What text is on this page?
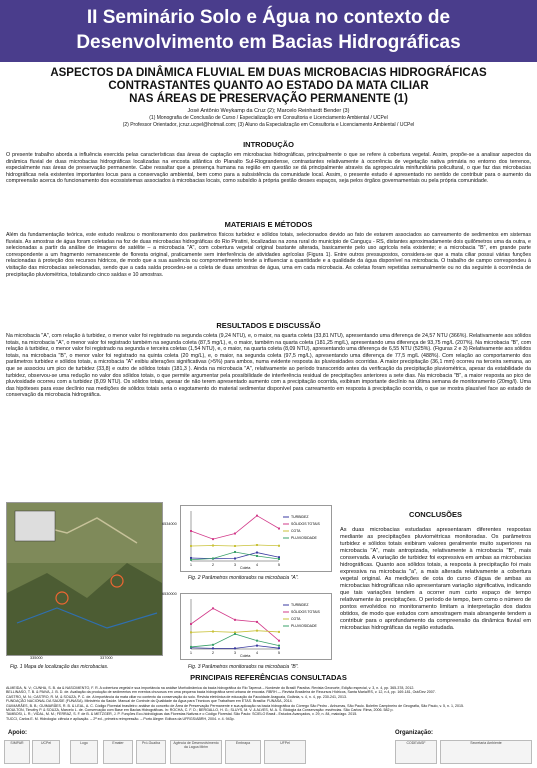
II Seminário Solo e Água no contexto de
Desenvolvimento em Bacias Hidrográficas
ASPECTOS DA DINÂMICA FLUVIAL EM DUAS MICROBACIAS HIDROGRÁFICAS
CONTRASTANTES QUANTO AO ESTADO DA MATA CILIAR
NAS ÁREAS DE PRESERVAÇÃO PERMANENTE (1)
José Antônio Weykamp da Cruz (2); Marcelo Reinhardt Bender (3)
(1) Monografia de Conclusão de Curso / Especialização em Consultoria e Licenciamento Ambiental / UCPel
(2) Professor Orientador, jcruz.ucpel@hotmail.com; (3) Aluno da Especialização em Consultoria e Licenciamento Ambiental / UCPel
INTRODUÇÃO
O presente trabalho aborda a influência exercida pelas características das áreas de captação em microbacias hidrográficas, principalmente o que se refere à cobertura vegetal. Assim, propõe-se a analisar aspectos da dinâmica fluvial de duas microbacias hidrográficas localizadas na encosta atlântica do Planalto Sul-Riograndense, contrastantes relativamente à ocorrência de vegetação nativa primária no entorno dos terrenos, especialmente nas áreas de preservação permanente. Cabe ressaltar que a presença humana na região em questão se dá principalmente através da agropecuária minifundiária policultural, o que faz das microbacias hidrográficas nela existentes importantes locus para a conservação ambiental, bem como para a subsistência da comunidade local. Assim, o presente estudo é apresentado no sentido de contribuir para o aumento da compreensão acerca do funcionamento dos ecossistemas associados à microbacias locais, como subsídio à própria gestão desses espaços, seja pelos órgãos governamentais ou pela própria comunidade.
MATERIAIS E MÉTODOS
Além da fundamentação teórica, este estudo realizou o monitoramento dos parâmetros físicos turbidez e sólidos totais, selecionados devido ao fato de estarem associados ao carreamento de sedimentos em sistemas fluviais. As amostras de água foram coletadas na foz de duas microbacias hidrográficas do Rio Piratini, localizadas na zona rural do município de Canguçu - RS, distantes aproximadamente dois quilômetros uma da outra, e selecionadas a partir da análise de imagens de satélite – a microbacia "A", com cobertura vegetal original bastante alterada, basicamente pelo uso agrícola nela existente; e a microbacia "B", em grande parte correspondente a um fragmento remanescente de floresta original, praticamente sem interferência de atividades agrícolas (Figura 1). Entre outros pressupostos, considera-se que a mata ciliar possui várias funções relacionadas à proteção dos recursos hídricos, de modo que a sua ausência ou comprometimento tende a influenciar a quantidade e a qualidade da água disponível na microbacia. O trabalho de campo correspondeu à visitação das microbacias selecionadas, sendo que a cada saída procedeu-se a coleta de duas amostras de água, uma em cada microbacia. As coletas foram repetidas semanalmente ou no dia seguinte à ocorrência de precipitação pluviométrica, totalizando cinco saídas e 10 amostras.
RESULTADOS E DISCUSSÃO
Na microbacia "A", com relação à turbidez, o menor valor foi registrado na segunda coleta (9,24 NTU), e, o maior, na quarta coleta (33,81 NTU), apresentando uma diferença de 24,57 NTU (366%). Relativamente aos sólidos totais, na microbacia "A", o menor valor foi registrado também na segunda coleta (87,5 mg/L), e, o maior, também na quarta coleta (181,25 mg/L), apresentando uma diferença de 93,75 mg/L (207%). Na microbacia "B", com relação à turbidez, o menor valor foi registrado na segunda e terceira coletas (1,54 NTU), e, o maior, na quarta coleta (8,09 NTU), apresentando uma diferença de 6,55 NTU (525%). (Figuras 2 e 3) Relativamente aos sólidos totais, na microbacia "B", o menor valor foi registrado na quinta coleta (20 mg/L), e, o maior, na segunda coleta (97,5 mg/L), apresentando uma diferença de 77,5 mg/L (488%). Com relação ao comportamento dos parâmetros turbidez e sólidos totais, a microbacia "A" exibiu alterações significativas (>5%) para ambos, numa evidente resposta às pluviosidades ocorridas. A maior precipitação (36,1 mm) ocorreu na terceira semana, ao que se associou um pico de turbidez (33,8) e outro de sólidos totais (181,3 ). Ainda na microbacia "A", relativamente ao período transcorrido antes da verificação da precipitação pluviométrica, apesar da estabilidade da turbidez, observou-se uma redução no valor dos sólidos totais, o que permite argumentar pela possibilidade de interferência residual de precipitações anteriores a sete dias. Na microbacia "B", a maior resposta ao pico de pluviosidade ocorreu com a turbidez (8,09 NTU). Os sólidos totais, apesar de não terem apresentado aumento com a precipitação ocorrida, exibiram importante declínio na última semana de monitoramento (20mg/l). Uma das hipóteses para esse declínio nas medições de sólidos totais seria o esgotamento do material sedimentar disponível para carreamento em resposta à precipitação ocorrida, o que se mostra plausível face ao estado de conservação da microbacia hidrográfica.
6534000
6530000
335000	337000
Fig. 1 Mapa de localização das microbacias.
1	2	3	4	5
TURBIDEZ
SÓLIDOS TOTAIS
COTA
PLUVIOSIDADE
Coleta
Fig. 2 Parâmetros monitorados na microbacia "A".
1	2	3	4	5
TURBIDEZ
SÓLIDOS TOTAIS
COTA
PLUVIOSIDADE
Coleta
Fig. 3 Parâmetros monitorados na microbacia "B".
CONCLUSÕES
As duas microbacias estudadas apresentaram diferentes respostas mediante as precipitações pluviométricas monitoradas. Os parâmetros turbidez e sólidos totais exibiram valores geralmente muito superiores na microbacia "A", mais antropizada, relativamente à microbacia "B", mais conservada. A variação de turbidez foi expressiva em ambas as microbacias hidrográficas. Quanto aos sólidos totais, a resposta à precipitação foi mais expressiva na microbacia "a", a mais alterada relativamente a cobertura vegetal original. As medições de cota do curso d'água de ambas as microbacias hidrográficas não apresentaram variação significativa, indicando que tais variações tendem a ocorrer num curto espaço de tempo relativamente às precipitações. O período de tempo, bem como o número de pontos envolvidos no monitoramento limitam a interpretação dos dados obtidos, de modo que estudos com amostragem mais abrangente tendem a contribuir para o aprofundamento da compreensão da dinâmica fluvial em microbacias hidrográficas da região estudada.
PRINCIPAIS REFERÊNCIAS CONSULTADAS
ALMEIDA, N. V.; CUNHA, S. B. da & NASCIMENTO, F. R. A cobertura vegetal e sua importância na análise Morfodinâmica da bacia hidrográfica do Rio Taperoá – Nordeste do Brasil/ Paraíba. Revista Geonorte, Edição especial, v. 3, n. 4, pp. 365-378, 2012.
BELLINASO, T. B. & PAIVA, J. B. D. de. Avaliação da produção de sedimentos em eventos chuvosos em uma pequena bacia hidrográfica semi urbana de encosta. RBRH — Revista Brasileira de Recursos Hídricos, Santa Maria/RS, v. 12, n.4, pp. 169-181, Out/Dez 2007.
CASTRO, M. N.; CASTRO, R. M. & SOUZA, P. C. de. A importância da mata ciliar no contexto da conservação do solo. Revista eletrônica de educação da Faculdade Araguaia, Goiânia, v. 4, n. 4, pp. 230-241, 2013.
FUNDAÇÃO NACIONAL DA SAÚDE (FUNASA). Ministério da Saúde. Manual de Controle da Qualidade da Água para Técnicos que Trabalham em ETAS. Brasília: FUNASA, 2014.
GUIMARÃES, B. B.; GUIMARÃES, R. B. & LEAL, A. C. Código Florestal brasileiro: análise do conceito de Área de Preservação Permanente e sua aplicação na bacia hidrográfica do Córrego São Pedro - Anhumas, São Paulo. Boletim Campineiro de Geografia, São Paulo, v. 5, n. 1, 2015.
MOULTON, Timothy P. & SOUZA, Marcelo L. de. Conservação com Base em Bacias Hidrográficas. In: ROCHA, C. F. D.; BERGALLO, H. G.; SLUYS, M. V. & ALVES, M. A. S. Biologia da Conservação: essências. São Carlos: Rima, 2006. 582 p.
TAMBOSI, L. R.; VIDAL, M. M.; FERRAZ, S. F. de B. & METZGER, J. P. Funções Eco-hidrológicas das Florestas Nativas e o Código Florestal. São Paulo: SCIELO Brasil - Estudos Avançados, v. 29, n. 84, maio/ago. 2015.
TUCCI, Carlos E. M. Hidrologia: ciência e aplicação. – 2ª ed., primeira reimpressão. – Porto Alegre: Editora da UFRGS/ABRH, 2004. v. 4. 943p.
Apoio:	Organização:
SIMPAR	UCPel	Logo	Emater	Pró-Guaíba	Agência de Desenvolvimento da Lagoa Mirim
Embrapa	UFPel	CODEVASF	Secretaria Ambiente
